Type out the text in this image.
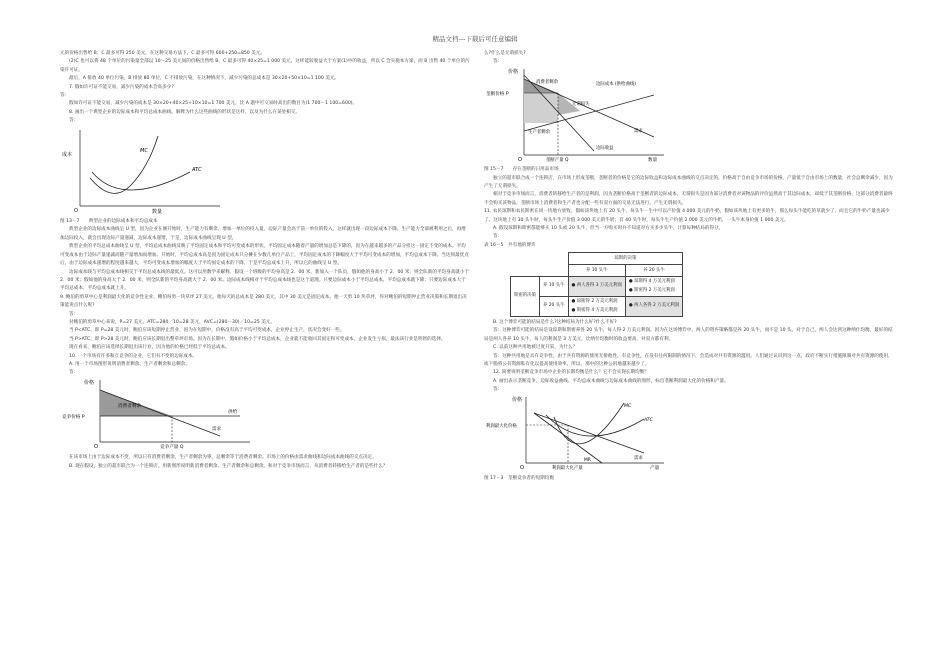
精品文档---下载后可任意编辑

元的价格出售给 B；C 最多可得 250 美元，在这种交易方法下，C 最多可得 600+250=850 美元。

(2)C 也可以将 48 个单位的污染量全部以 10～25 美元间的价格出售给 B，C 最多可得 40×25=1 000 美元，这样能较收益大于方案(1)中的收益，所以 C 会实施本方案，而 B 出售 40 个单位的污染许可证。

最后，A 排放 40 单位污染，B 排放 80 单位，C 不排放污染，在这种情况下，减少污染的总成本是 30×20+50×10=1 100 美元。

7. 假如许可证不能交易，减少污染的成本会高多少?

答：

假如许可证不能交易，减少污染的成本是 30×20+40×25+10×10=1 700 美元，比 A 题中可交易时高出的数目为(1 700－1 100=600)。

8. 画出一个典型企业的边际成本和平均总成本曲线。解释为什么这些曲线的形状是这样，以及为什么在某处相交。

答：

成本
数量
O
MC
ATC

图 13－7　　典型企业的边际成本和平均总成本

典型企业的边际成本曲线呈 U 型，因为企业在刚开始时，生产能力有剩余，增加一单位的投入量，边际产量会高于前一单位的投入，这样就出现一段边际成本下降。生产能力全部被利用之后，再增加边际投入，就会出现边际产量递减，边际成本递增，于是，边际成本曲线呈现 U 型。

典型企业的平均总成本曲线呈 U 型，平均总成本曲线反映了平均固定成本和平均可变成本的形状。平均固定成本随着产量的增加总是下降的，因为在越来越多的产品分担这一固定不变的成本。平均可变成本由于边际产量递减而随产量增加而增加。开始时，平均总成本高是因为固定成本只分摊在少数几单位产品上，平均固定成本的下降幅度大于平均可变成本的增加，平均总成本下降。当达到最优点后，由于边际成本递增的程度越来越大，平均可变成本增加的幅度大于平均固定成本的下降，于是平均总成本上升，所以它的曲线呈 U 型。

边际成本线与平均总成本线相交于平均总成本线的最低点。这可以用数学来解释，假设一个班级的平均身高是 2．00 米，新加入一个队员，假如他的身高小于 2．00 米，则全队新的平均身高就小于 2．00 米；假如他的身高大于 2．00 米，则全队新的平均身高就大于 2．00 米。边际成本线相对于平均总成本线也是这个道理。只要边际成本小于平均总成本，平均总成本就下降；只要边际成本大于平均总成本，平均总成本就上升。

9. 鲍伯的剪草中心是利润最大化的竞争性企业。鲍伯每剪一块草坪 27 美元，他每天的总成本是 280 美元，其中 30 美元是固定成本。他一天剪 10 块草坪，你对鲍伯的短期停止营业决策和长期退出决策能说点什么呢?

答：

对鲍伯的剪草中心来说，P=27 美元，ATC=280／10=28 美元，AVC=(280－30)／10=25 美元。

当 P<ATC，即 P=28 美元时，鲍伯应该短期停止营业，因为在短期中，价格没有高于平均可变成本，企业停止生产，状况会变好一些。

当 P>ATC，即 P>28 美元时，鲍伯应该长期退出整草坪市场。因为在长期中，假如价格小于平均总成本，企业就不能收回其固定和可变成本，企业发生亏损，最法该行业是明智的选择。

现在看来，鲍伯应该选择长期退出该行业，因为他的价格已经低于平均总成本。

10. 一个市场有许多和互竞争的企业，它们有不变的边际成本。

A. 用一个市场图形说明消费者剩余、生产者剩余和总剩余。

答：

价格
竞争价格 P
O	竞争产量 Q
消费者剩余
供给
需求

在该市场上由于边际成本不变，所以只有消费者剩余，生产者剩余为零，总剩余等于消费者剩余。市场上的价格由需求曲线和边际成本曲线的交点决定。

B. 现在假设，独立的超市联合为一个连锁店。用新图形说明新消费者剩余、生产者剩余和总剩余。和对于竞争市场而言，从消费者转移给生产者的是些什么？

么?什么是无谓损失?

答：

价格
垄断价格 P
消费者剩余
无谓损失
边际成本 (供给曲线)
需求
生产者剩余
边际收益
O	垄断产量 Q	数量

图 15－7　　存在垄断的日用品市场

独立的超市联合成一个连锁店，在市场上形成垄断，垄断者的价格是它的边际收益和边际成本曲线的交点决定的，价格高于自由竞争市场的价格，产量低于自由市场上的数量，社会总剩余减少，因为产生了无谓损失。

相对于竞争市场而言，消费者转移给生产者的是利润，因为垄断价格高于垄断者的边际成本，无谓损失是因为部分消费者对该物品的评价虽然高于其边际成本，却低于其垄断价格，这部分消费者最终不会购买该物品，垄断市场上消费者和生产者也分配一些有双方面的交易无法进行，产生无谓损失。

11. 农民琼斯和农民斯密在同一块地方放牧，假如该块地上有 20 头牛，每头牛一生中可以产价值 4 000 美元的牛奶，假如该块地上有更多的牛，那么每头牛能吃的草就少了，而且它的牛奶产量也减少了。这块地上有 30 头牛时，每头牛生产价值 3 000 美元的牛奶；有 40 头牛时，每头牛生产价值 2 000 美元的牛奶，一头牛本身价值 1 000 美元。

A. 假设琼斯和斯密都能够买 10 头或 20 头牛，但当一方购买时并不知道对方买多少头牛，计算每种结局的得分。

答：

表 16－5　共有地的博弈

		琼斯的决策	
		养 10 头牛	养 20 头牛
斯密的决策	养 10 头牛	● 两人各得 3 万美元利润	● 琼斯得 4 万美元利润
● 斯密得 2 万美元利润

	养 20 头牛	● 琼斯得 2 万美元利润
● 斯密得 4 万美元利润	● 两人各得 2 万美元利润

B. 这个博弈可能的结局是什么?这种结局为什么好?什么不好?

答：这种博弈可能的结局是设琼斯和斯密养各 20 头牛，每人得 2 万美元利润。因为在这场博弈中，两人的资弃策略都是养 20 头牛，而不是 10 头。对于自己，两人会达到这种纳什均衡，最好的结局是两人各养 10 头牛，每人的利润是 3 万美元，比纳什均衡时的收益要高，对双方都有利。

C. 以前这种共用地被过度开采，为什么？

答：这种共用地是具有竞争性，由于共有资源的使用无排他性，有竞争性，在没有任何限制的情况下，会造成对共有资源的滥用。人们通过认识到这一点，政府不断实行措施限制对共有资源的使用，或干脆将公有资源私有化以提高使用效率，所以，那中的这种公用地越来越少了。

12. 简要说明垄断竞争市场中企业的长期均衡是什么？它不会实现长期均衡？

A. 画出表示垄断竞争、边际收益曲线、平均总成本曲线与边际成本曲线的图形，标出垄断利润最大化的价格和产量。

答：

价格
利润最大化价格
MC
ATC
MR	需求
O	利润最大化产量	产量

图 17－3　垄断竞争者的短期均衡
